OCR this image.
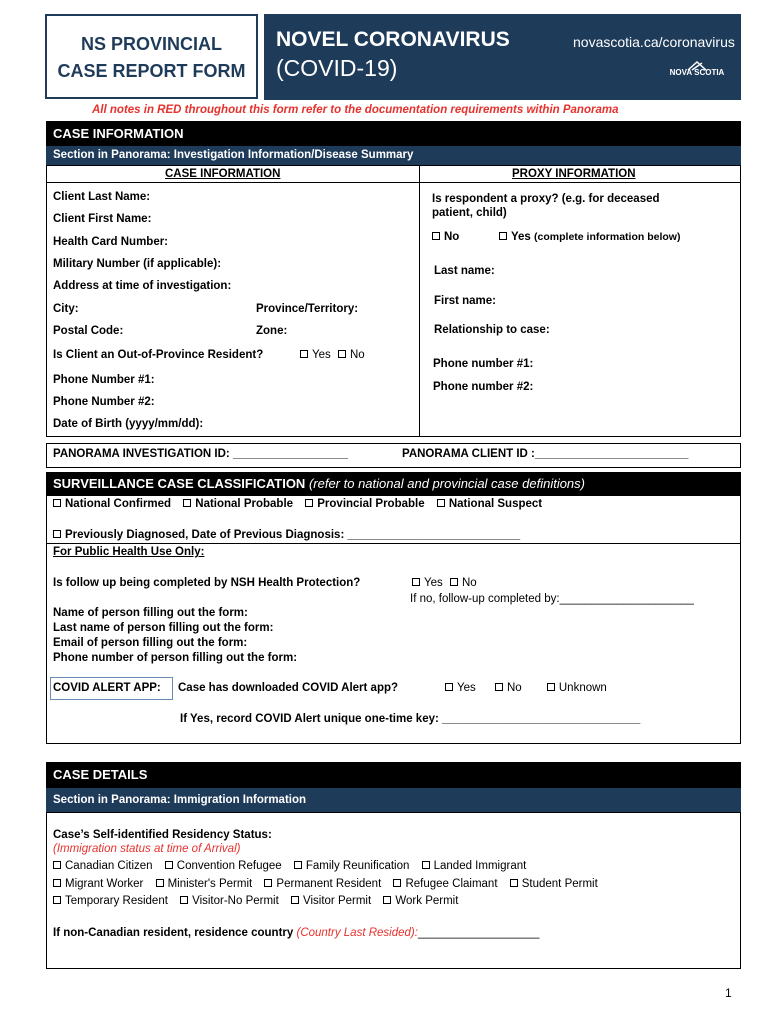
NS PROVINCIAL
CASE REPORT FORM
NOVEL CORONAVIRUS
(COVID-19)
novascotia.ca/coronavirus
NOVA SCOTIA
All notes in RED throughout this form refer to the documentation requirements within Panorama
CASE INFORMATION
Section in Panorama: Investigation Information/Disease Summary
CASE INFORMATION	PROXY INFORMATION
Client Last Name:
Client First Name:
Health Card Number:
Military Number (if applicable):
Address at time of investigation:
City:	Province/Territory:
Postal Code:	Zone:
Is Client an Out-of-Province Resident?	Yes No
Phone Number #1:
Phone Number #2:
Date of Birth (yyyy/mm/dd):
Is respondent a proxy? (e.g. for deceased
patient, child)
No	Yes (complete information below)
Last name:
First name:
Relationship to case:
Phone number #1:
Phone number #2:
PANORAMA INVESTIGATION ID: __________________	PANORAMA CLIENT ID :________________________
SURVEILLANCE CASE CLASSIFICATION (refer to national and provincial case definitions)
National Confirmed National Probable Provincial Probable National Suspect
Previously Diagnosed, Date of Previous Diagnosis: ___________________________
For Public Health Use Only:
Is follow up being completed by NSH Health Protection?	Yes No
If no, follow-up completed by:_____________________
Name of person filling out the form:
Last name of person filling out the form:
Email of person filling out the form:
Phone number of person filling out the form:
COVID ALERT APP: Case has downloaded COVID Alert app?	Yes	No	Unknown
If Yes, record COVID Alert unique one-time key: _______________________________
CASE DETAILS
Section in Panorama: Immigration Information
Case’s Self-identified Residency Status:
(Immigration status at time of Arrival)
Canadian Citizen Convention Refugee Family Reunification Landed Immigrant
Migrant Worker Minister's Permit Permanent Resident Refugee Claimant Student Permit
Temporary Resident Visitor-No Permit Visitor Permit Work Permit
If non-Canadian resident, residence country (Country Last Resided):___________________
1
